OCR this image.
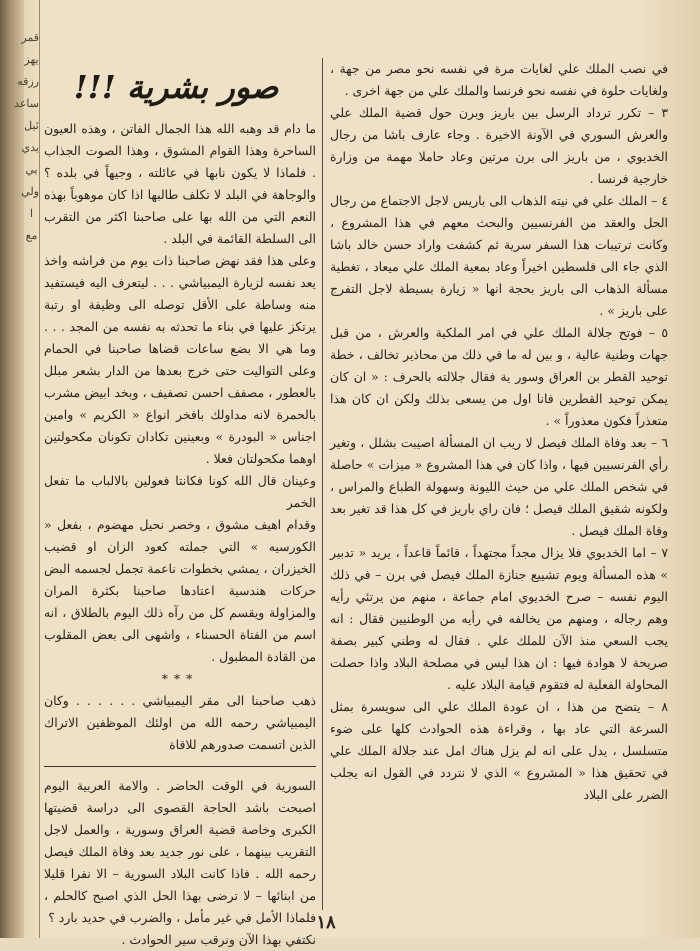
قمر
يهز
رزقه
ساعد
ئيل
يدي
يي
ولي
ا
مع

في نصب الملك علي لغايات مرة في نفسه نحو مصر من جهة ، ولغايات حلوة في نفسه نحو فرنسا والملك علي من جهة اخرى .

٣ – تكرر ترداد الرسل بين باريز وبرن حول قضية الملك علي والعرش السوري في الآونة الاخيرة . وجاء عارف باشا من رجال الخديوي ، من باريز الى برن مرتين وعاد حاملا مهمة من وزارة خارجية فرنسا .

٤ – الملك علي في نيته الذهاب الى باريس لاجل الاجتماع من رجال الحل والعقد من الفرنسيين والبحث معهم في هذا المشروع ، وكانت ترتيبات هذا السفر سرية ثم كشفت واراد حسن خالد باشا الذي جاء الى فلسطين اخيراً وعاد بمعية الملك علي ميعاد ، تغطية مسألة الذهاب الى باريز بحجة انها « زيارة بسيطة لاجل التفرج على باريز » .

٥ – فوتح جلالة الملك علي في امر الملكية والعرش ، من قبل جهات وطنية عالية ، و بين له ما في ذلك من محاذير تخالف ، خطة توحيد القطر بن العراق وسور ية فقال جلالته بالحرف : « ان كان يمكن توحيد القطرين فانا اول من يسعى بذلك ولكن ان كان هذا متعذراً فكون معذوراً » .

٦ – بعد وفاة الملك فيصل لا ريب ان المسألة اصيبت بشلل ، وتغير رأي الفرنسيين فيها ، واذا كان في هذا المشروع « ميزات » حاصلة في شخص الملك علي من حيث الليونة وسهولة الطباع والمراس ، ولكونه شقيق الملك فيصل ؛ فان راي باريز في كل هذا قد تغير بعد وفاة الملك فيصل .

٧ – اما الخديوي فلا يزال مجداً مجتهداً ، قائماً قاعداً ، يريد « تدبير » هذه المسألة ويوم تشييع جنازة الملك فيصل في برن – في ذلك اليوم نفسه – صرح الخديوي امام جماعة ، منهم من يرتئي رأيه وهم رجاله ، ومنهم من يخالفه في رأيه من الوطنيين فقال : انه يجب السعي منذ الآن للملك علي . فقال له وطني كبير بصفة صريحة لا هوادة فيها : ان هذا ليس في مصلحة البلاد واذا حصلت المحاولة الفعلية له فتقوم قيامة البلاد عليه .

٨ – يتضح من هذا ، ان عودة الملك علي الى سويسرة بمثل السرعة التي عاد بها ، وقراءة هذه الحوادث كلها على ضوء متسلسل ، يدل على انه لم يزل هناك امل عند جلالة الملك علي في تحقيق هذا « المشروع » الذي لا نتردد في القول انه يجلب الضرر على البلاد

صور بشرية !!!

ما دام قد وهبه الله هذا الجمال الفاتن ، وهذه العيون الساحرة وهذا القوام المشوق ، وهذا الصوت الجذاب . فلماذا لا يكون نابها في عائلته ، وجيهاً في بلده ؟ والوجاهة في البلد لا تكلف طالبها اذا كان موهوباً بهذه النعم التي من الله بها على صاحبنا اكثر من التقرب الى السلطة القائمة في البلد .

وعلى هذا فقد نهض صاحبنا ذات يوم من فراشه واخذ يعد نفسه لزيارة اليمبياشي . . . ليتعرف اليه فيستفيد منه وساطة على الأقل توصله الى وظيفة او رتبة يرتكز عليها في بناء ما تحدثه به نفسه من المجد . . . وما هي الا بضع ساعات قضاها صاحبنا في الحمام وعلى التواليت حتى خرج بعدها من الدار بشعر مبلل بالعطور ، مصفف احسن تصفيف ، وبخد ابيض مشرب بالحمرة لانه مداولك بافخر انواع « الكريم » وامين اجناس « البودرة » وبعينين تكادان تكونان مكحولتين اوهما مكحولتان فعلا .

وعينان قال الله كونا فكانتا فعولين بالالباب ما تفعل الخمر

وقدام اهيف مشوق ، وخصر نحيل مهضوم ، بفعل « الكورسيه » التي جملته كعود الزان او قضيب الخيزران ، يمشي بخطوات ناعمة تجمل لجسمه البض حركات هندسية اعتادها صاحبنا بكثرة المران والمزاولة ويقسم كل من رآه ذلك اليوم بالطلاق ، انه اسم من الفتاة الحسناء ، واشهى الى بعض المقلوب من القادة المطبول .

***

ذهب صاحبنا الى مقر اليمبياشي . . . . . . وكان اليمبياشي رحمه الله من اولئك الموظفين الاتراك الذين اتسمت صدورهم للاقاة

السورية في الوقت الحاضر . والامة العربية اليوم اصبحت باشد الحاجة القصوى الى دراسة قضيتها الكبرى وخاصة قضية العراق وسورية ، والعمل لاجل التقريب بينهما ، على نور جديد بعد وفاة الملك فيصل رحمه الله . فاذا كانت البلاد السورية – الا نفرا قليلا من ابنائها – لا ترضى بهذا الحل الذي اصبح كالحلم ، فلماذا الأمل في غير مأمل ، والضرب في حديد بارد ؟

نكتفي بهذا الآن ونرقب سير الحوادث .

١٨
